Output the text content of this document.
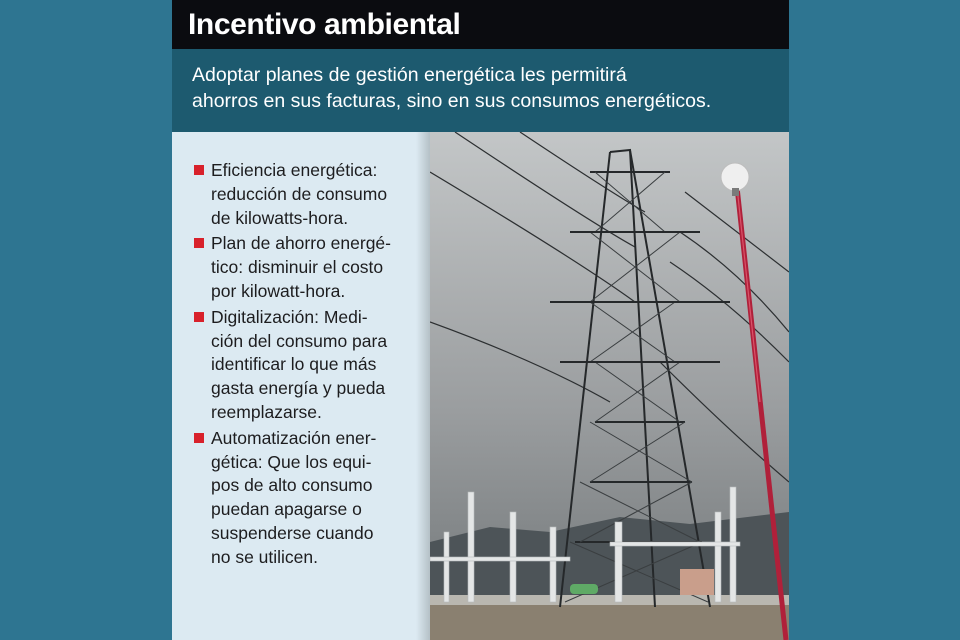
Incentivo ambiental

Adoptar planes de gestión energética les permitirá
ahorros en sus facturas, sino en sus consumos energéticos.

Eficiencia energética:
reducción de consumo
de kilowatts-hora.
Plan de ahorro energé-
tico: disminuir el costo
por kilowatt-hora.
Digitalización: Medi-
ción del consumo para
identificar lo que más
gasta energía y pueda
reemplazarse.
Automatización ener-
gética: Que los equi-
pos de alto consumo
puedan apagarse o
suspenderse cuando
no se utilicen.
